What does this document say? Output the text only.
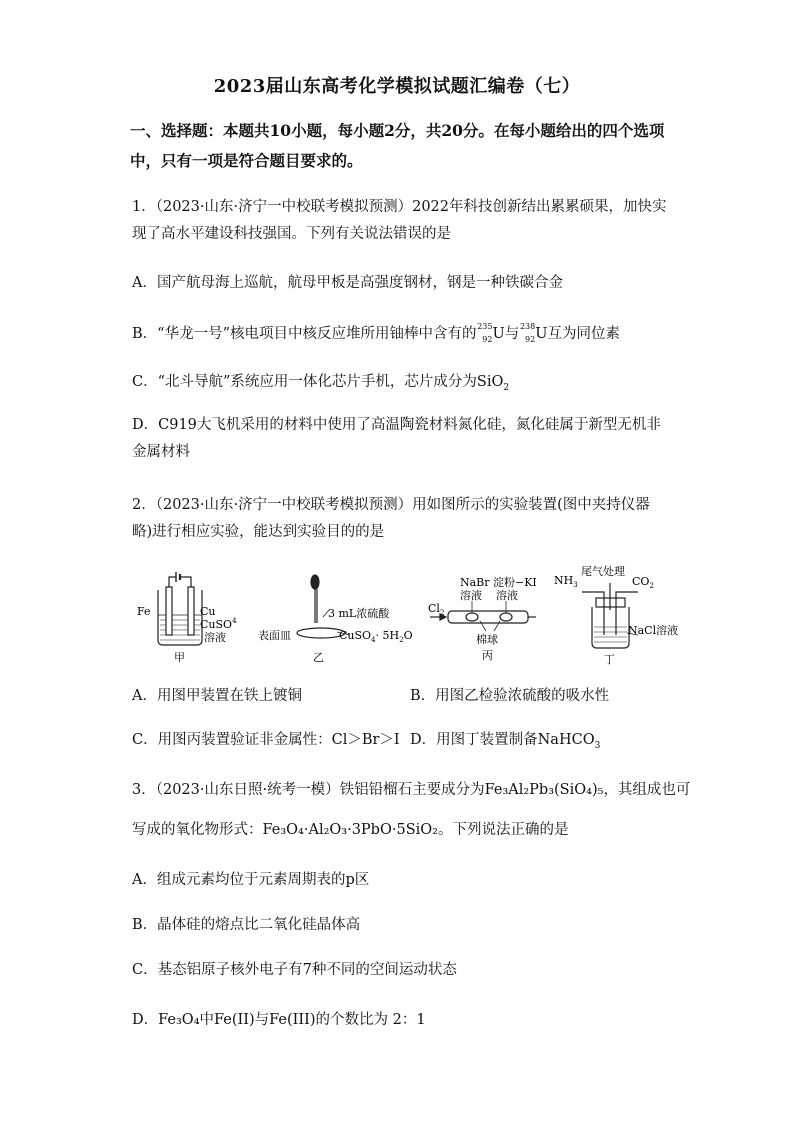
2023届山东高考化学模拟试题汇编卷（七）
一、选择题：本题共10小题，每小题2分，共20分。在每小题给出的四个选项中，只有一项是符合题目要求的。
1．（2023·山东·济宁一中校联考模拟预测）2022年科技创新结出累累硕果，加快实现了高水平建设科技强国。下列有关说法错误的是
A．国产航母海上巡航，航母甲板是高强度钢材，钢是一种铁碳合金
B．“华龙一号”核电项目中核反应堆所用铀棒中含有的 235
92 U与 238
92 U互为同位素
C．“北斗导航”系统应用一体化芯片手机，芯片成分为SiO$_2$
D．C919大飞机采用的材料中使用了高温陶瓷材料氮化硅，氮化硅属于新型无机非金属材料
2．（2023·山东·济宁一中校联考模拟预测）用如图所示的实验装置(图中夹持仪器略)进行相应实验，能达到实验目的的是
Fe	Cu
CuSO$^4$
溶液
甲
3 mL浓硫酸
表面皿	CuSO$_4$· $5H_2O$
乙
NaBr
溶液
淀粉−KI
溶液
$Cl_2$
棉球
丙
$NH_3$
尾气处理
$CO_2$
NaCl溶液
丁
A．用图甲装置在铁上镀铜	B．用图乙检验浓硫酸的吸水性
C．用图丙装置验证非金属性：Cl＞Br＞I D．用图丁装置制备NaHCO$_3$
3．（2023·山东日照·统考一模）铁铝铅榴石主要成分为Fe₃Al₂Pb₃(SiO₄)₅，其组成也可
写成的氧化物形式：Fe₃O₄·Al₂O₃·3PbO·5SiO₂。下列说法正确的是
A．组成元素均位于元素周期表的p区
B．晶体硅的熔点比二氧化硅晶体高
C．基态铝原子核外电子有7种不同的空间运动状态
D．Fe₃O₄中Fe(II)与Fe(III)的个数比为 2：1
